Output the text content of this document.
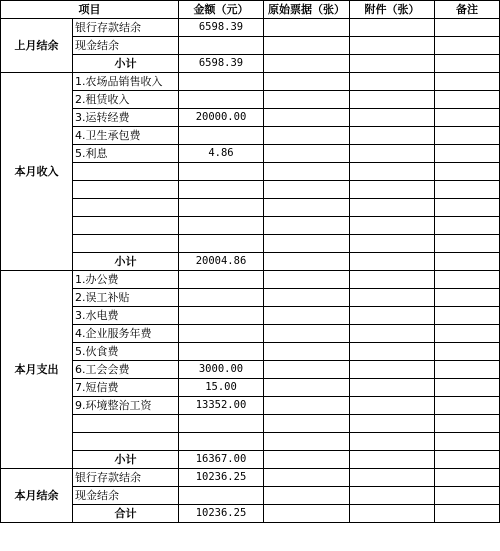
项目		金额（元）	原始票据（张）	附件（张）	备注
上月结余	银行存款结余	6598.39			
	现金结余				
	小计	6598.39			
本月收入	1.农场品销售收入				
	2.租赁收入				
	3.运转经费	20000.00			
	4.卫生承包费				
	5.利息	4.86			

	小计	20004.86			
本月支出	1.办公费				
	2.误工补贴				
	3.水电费				
	4.企业服务年费				
	5.伙食费				
	6.工会会费	3000.00			
	7.短信费	15.00			
	9.环境整治工资	13352.00			

	小计	16367.00			
本月结余	银行存款结余	10236.25			
	现金结余				
	合计	10236.25			
